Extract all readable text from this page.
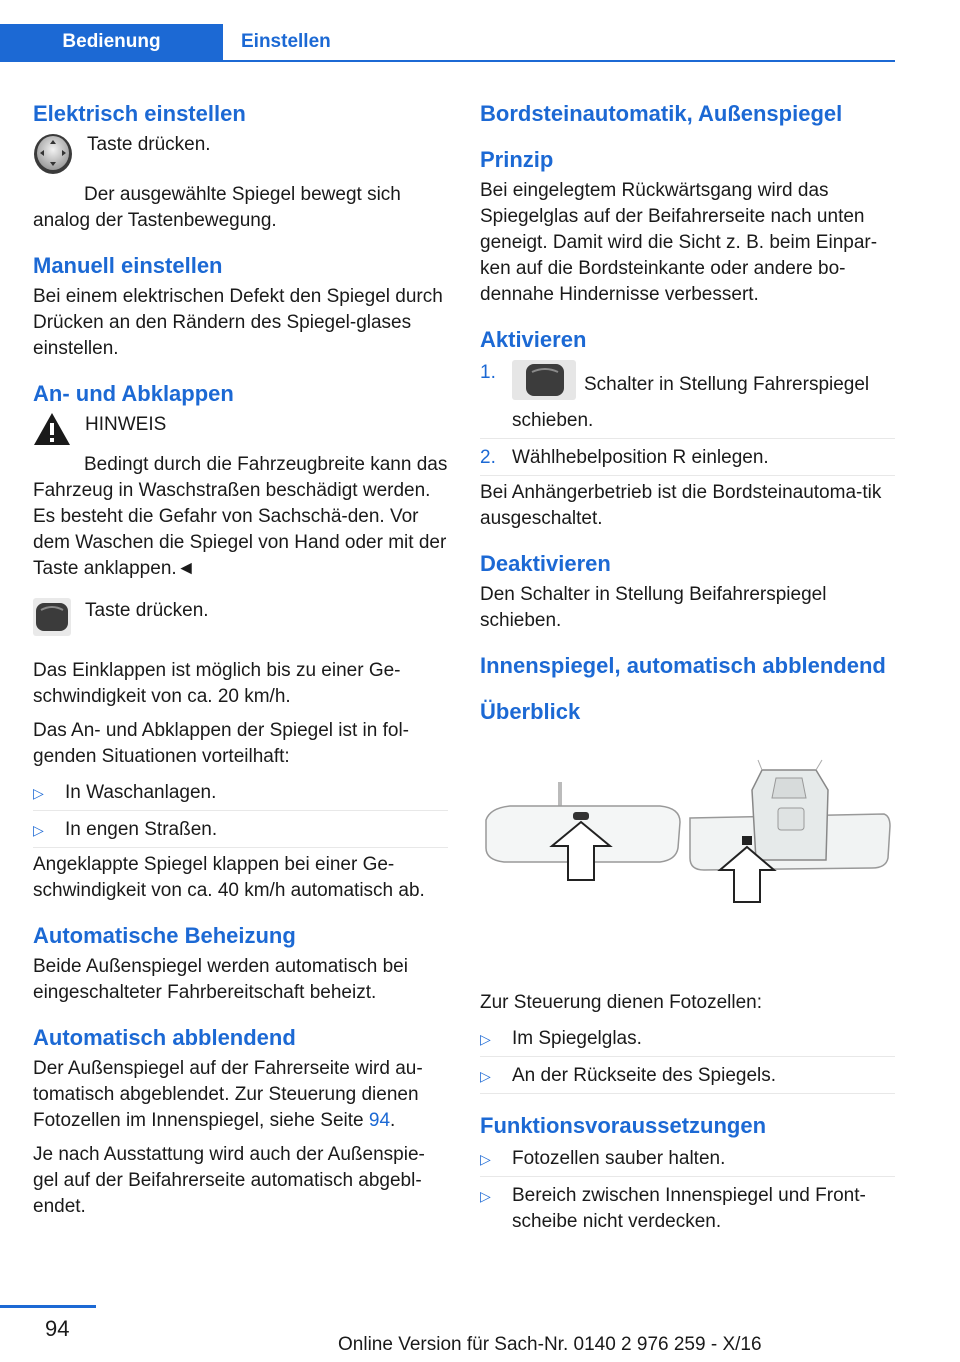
Bedienung	Einstellen
Elektrisch einstellen

Taste drücken.

Der ausgewählte Spiegel bewegt sich analog der Tastenbewegung.

Manuell einstellen

Bei einem elektrischen Defekt den Spiegel durch Drücken an den Rändern des Spiegel‐glases einstellen.

An- und Abklappen

HINWEIS

Bedingt durch die Fahrzeugbreite kann das Fahrzeug in Waschstraßen beschädigt werden. Es besteht die Gefahr von Sachschä‐den. Vor dem Waschen die Spiegel von Hand oder mit der Taste anklappen.◄

Taste drücken.

Das Einklappen ist möglich bis zu einer Ge‐schwindigkeit von ca. 20 km/h.

Das An- und Abklappen der Spiegel ist in fol‐genden Situationen vorteilhaft:

▷	In Waschanlagen.
▷	In engen Straßen.

Angeklappte Spiegel klappen bei einer Ge‐schwindigkeit von ca. 40 km/h automatisch ab.

Automatische Beheizung

Beide Außenspiegel werden automatisch bei eingeschalteter Fahrbereitschaft beheizt.

Automatisch abblendend

Der Außenspiegel auf der Fahrerseite wird au‐tomatisch abgeblendet. Zur Steuerung dienen Fotozellen im Innenspiegel, siehe Seite 94.

Je nach Ausstattung wird auch der Außenspie‐gel auf der Beifahrerseite automatisch abgebl‐endet.

Bordsteinautomatik, Außenspiegel
Prinzip

Bei eingelegtem Rückwärtsgang wird das Spiegelglas auf der Beifahrerseite nach unten geneigt. Damit wird die Sicht z. B. beim Einpar‐ken auf die Bordsteinkante oder andere bo‐dennahe Hindernisse verbessert.

Aktivieren
1.
Schalter in Stellung Fahrerspiegel schieben.
2. Wählhebelposition R einlegen.

Bei Anhängerbetrieb ist die Bordsteinautoma‐tik ausgeschaltet.

Deaktivieren

Den Schalter in Stellung Beifahrerspiegel schieben.

Innenspiegel, automatisch abblendend
Überblick

Zur Steuerung dienen Fotozellen:

▷	Im Spiegelglas.
▷	An der Rückseite des Spiegels.
Funktionsvoraussetzungen
▷	Fotozellen sauber halten.
▷	Bereich zwischen Innenspiegel und Front‐scheibe nicht verdecken.
94
Online Version für Sach-Nr. 0140 2 976 259 - X/16
